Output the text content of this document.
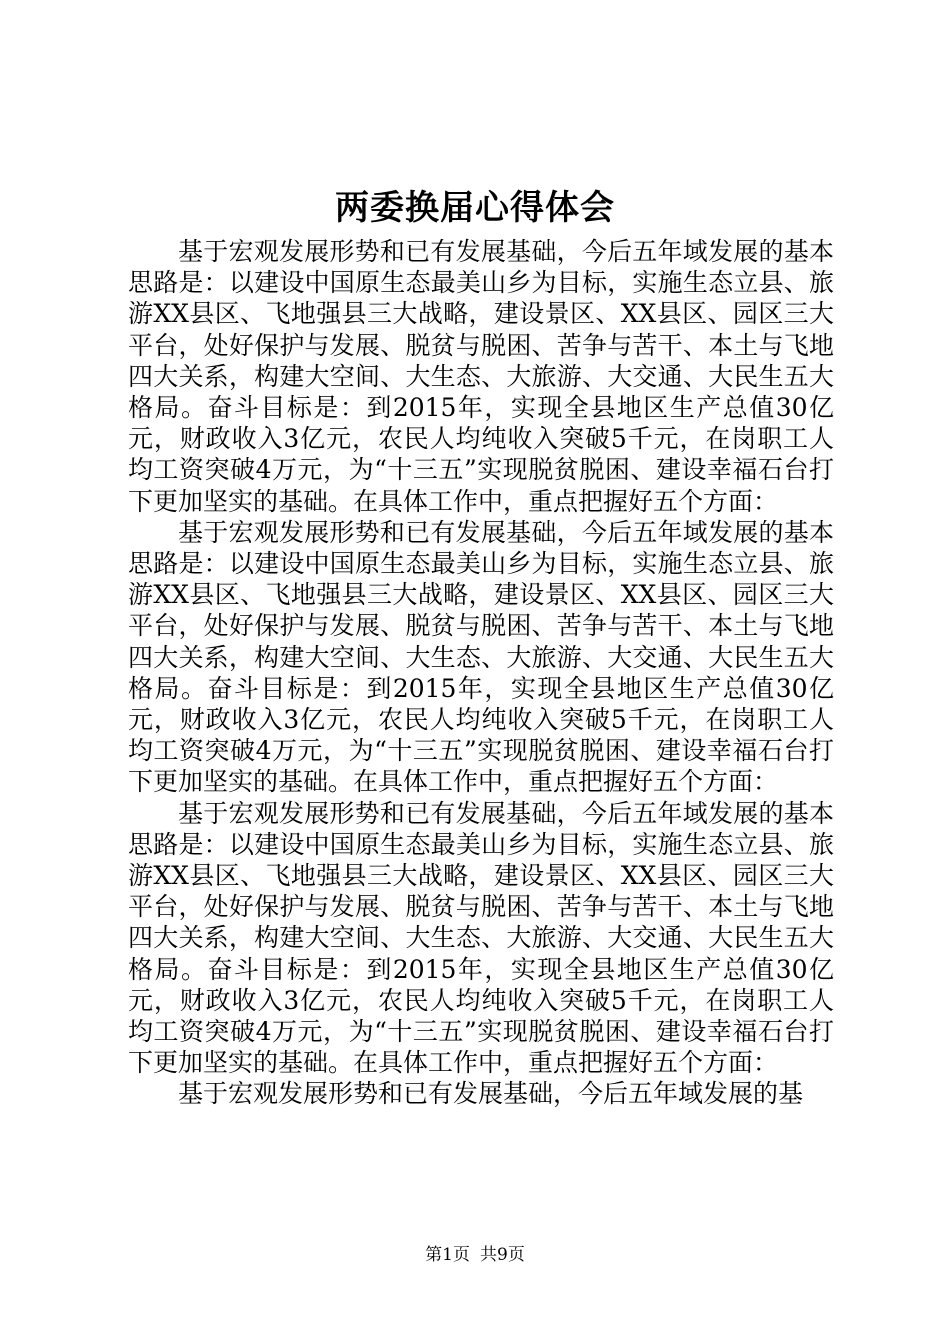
两委换届心得体会

基于宏观发展形势和已有发展基础，今后五年域发展的基本思路是：以建设中国原生态最美山乡为目标，实施生态立县、旅游XX县区、飞地强县三大战略，建设景区、XX县区、园区三大平台，处好保护与发展、脱贫与脱困、苦争与苦干、本土与飞地四大关系，构建大空间、大生态、大旅游、大交通、大民生五大格局。奋斗目标是：到2015年，实现全县地区生产总值30亿元，财政收入3亿元，农民人均纯收入突破5千元，在岗职工人均工资突破4万元，为“十三五”实现脱贫脱困、建设幸福石台打下更加坚实的基础。在具体工作中，重点把握好五个方面：

基于宏观发展形势和已有发展基础，今后五年域发展的基本思路是：以建设中国原生态最美山乡为目标，实施生态立县、旅游XX县区、飞地强县三大战略，建设景区、XX县区、园区三大平台，处好保护与发展、脱贫与脱困、苦争与苦干、本土与飞地四大关系，构建大空间、大生态、大旅游、大交通、大民生五大格局。奋斗目标是：到2015年，实现全县地区生产总值30亿元，财政收入3亿元，农民人均纯收入突破5千元，在岗职工人均工资突破4万元，为“十三五”实现脱贫脱困、建设幸福石台打下更加坚实的基础。在具体工作中，重点把握好五个方面：

基于宏观发展形势和已有发展基础，今后五年域发展的基本思路是：以建设中国原生态最美山乡为目标，实施生态立县、旅游XX县区、飞地强县三大战略，建设景区、XX县区、园区三大平台，处好保护与发展、脱贫与脱困、苦争与苦干、本土与飞地四大关系，构建大空间、大生态、大旅游、大交通、大民生五大格局。奋斗目标是：到2015年，实现全县地区生产总值30亿元，财政收入3亿元，农民人均纯收入突破5千元，在岗职工人均工资突破4万元，为“十三五”实现脱贫脱困、建设幸福石台打下更加坚实的基础。在具体工作中，重点把握好五个方面：

基于宏观发展形势和已有发展基础，今后五年域发展的基

第1页 共9页
